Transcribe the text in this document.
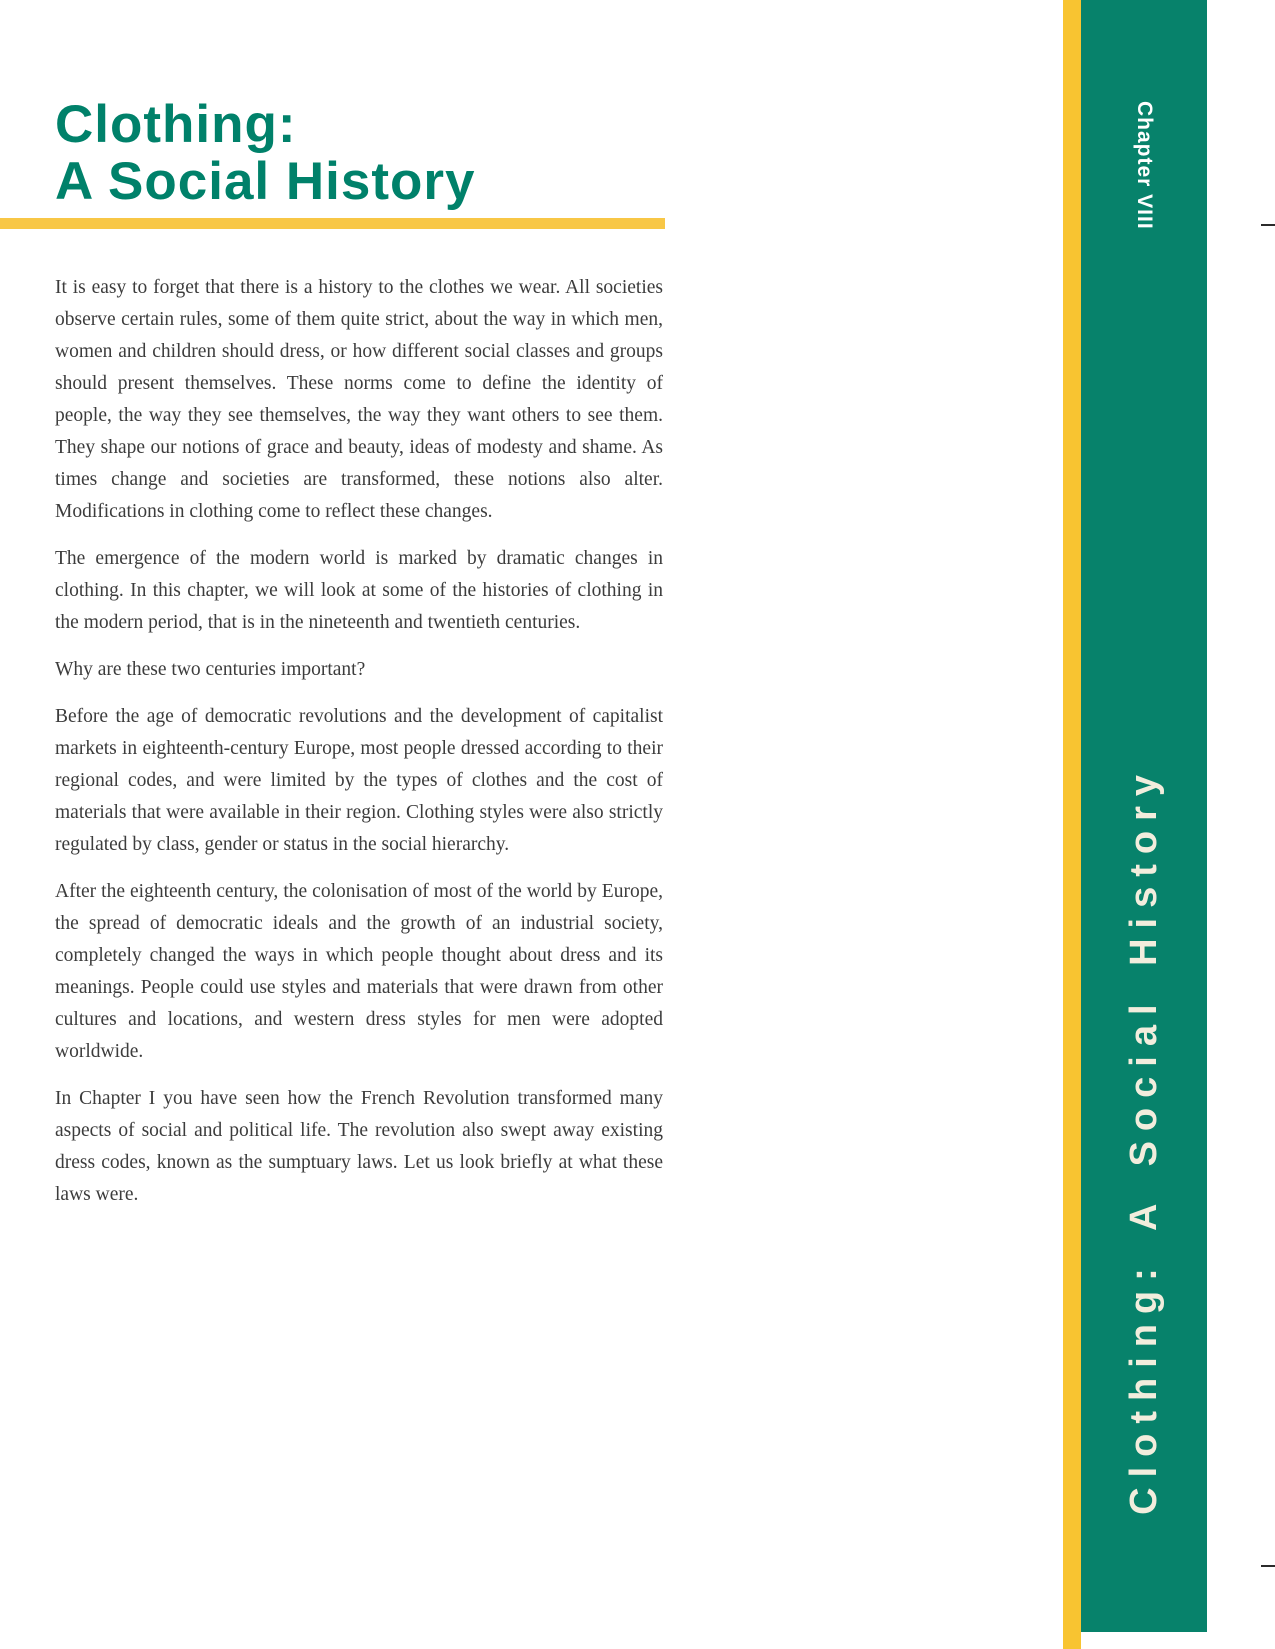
Clothing:
A Social History

It is easy to forget that there is a history to the clothes we wear. All societies observe certain rules, some of them quite strict, about the way in which men, women and children should dress, or how different social classes and groups should present themselves. These norms come to define the identity of people, the way they see themselves, the way they want others to see them. They shape our notions of grace and beauty, ideas of modesty and shame. As times change and societies are transformed, these notions also alter. Modifications in clothing come to reflect these changes.

The emergence of the modern world is marked by dramatic changes in clothing. In this chapter, we will look at some of the histories of clothing in the modern period, that is in the nineteenth and twentieth centuries.

Why are these two centuries important?

Before the age of democratic revolutions and the development of capitalist markets in eighteenth-century Europe, most people dressed according to their regional codes, and were limited by the types of clothes and the cost of materials that were available in their region. Clothing styles were also strictly regulated by class, gender or status in the social hierarchy.

After the eighteenth century, the colonisation of most of the world by Europe, the spread of democratic ideals and the growth of an industrial society, completely changed the ways in which people thought about dress and its meanings. People could use styles and materials that were drawn from other cultures and locations, and western dress styles for men were adopted worldwide.

In Chapter I you have seen how the French Revolution transformed many aspects of social and political life. The revolution also swept away existing dress codes, known as the sumptuary laws. Let us look briefly at what these laws were.

Chapter VIII
Clothing: A Social History
